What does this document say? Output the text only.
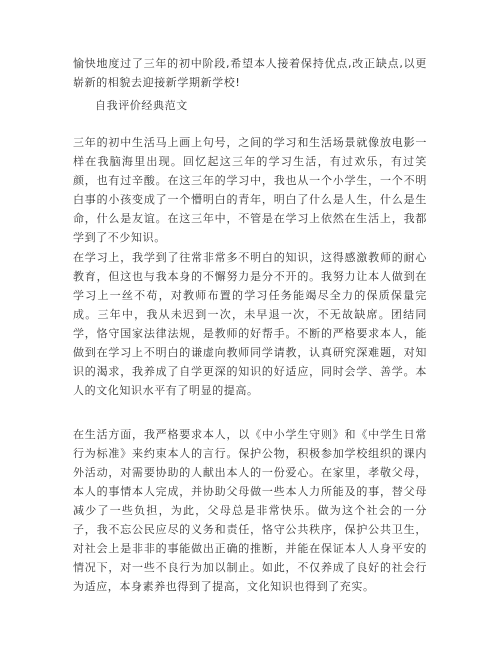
愉快地度过了三年的初中阶段,希望本人接着保持优点,改正缺点,以更崭新的相貌去迎接新学期新学校!

自我评价经典范文

三年的初中生活马上画上句号，之间的学习和生活场景就像放电影一样在我脑海里出现。回忆起这三年的学习生活，有过欢乐，有过笑颜，也有过辛酸。在这三年的学习中，我也从一个小学生，一个不明白事的小孩变成了一个懵明白的青年，明白了什么是人生，什么是生命，什么是友谊。在这三年中，不管是在学习上依然在生活上，我都学到了不少知识。

在学习上，我学到了往常非常多不明白的知识，这得感激教师的耐心教育，但这也与我本身的不懈努力是分不开的。我努力让本人做到在学习上一丝不苟，对教师布置的学习任务能竭尽全力的保质保量完成。三年中，我从未迟到一次，未早退一次，不无故缺席。团结同学，恪守国家法律法规，是教师的好帮手。不断的严格要求本人，能做到在学习上不明白的谦虚向教师同学请教，认真研究深难题，对知识的渴求，我养成了自学更深的知识的好适应，同时会学、善学。本人的文化知识水平有了明显的提高。

在生活方面，我严格要求本人，以《中小学生守则》和《中学生日常行为标准》来约束本人的言行。保护公物，积极参加学校组织的课内外活动，对需要协助的人献出本人的一份爱心。在家里，孝敬父母，本人的事情本人完成，并协助父母做一些本人力所能及的事，替父母减少了一些负担，为此，父母总是非常快乐。做为这个社会的一分子，我不忘公民应尽的义务和责任，恪守公共秩序，保护公共卫生，对社会上是非非的事能做出正确的推断，并能在保证本人人身平安的情况下，对一些不良行为加以制止。如此，不仅养成了良好的社会行为适应，本身素养也得到了提高，文化知识也得到了充实。
